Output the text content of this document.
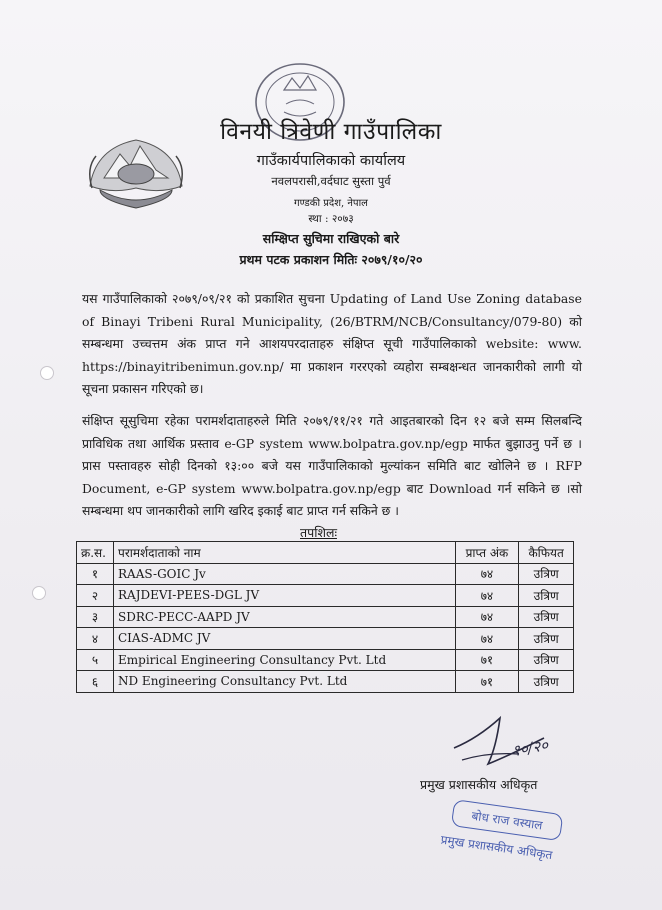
विनयी त्रिवेणी गाउँपालिका
गाउँकार्यपालिकाको कार्यालय
नवलपरासी,वर्दघाट सुस्ता पुर्व
गण्डकी प्रदेश, नेपाल
स्था : २०७३
सम्क्षिप्त सुचिमा राखिएको बारे
प्रथम पटक प्रकाशन मितिः २०७९/१०/२०

यस गाउँपालिकाको २०७९/०९/२१ को प्रकाशित सुचना Updating of Land Use Zoning database of Binayi Tribeni Rural Municipality, (26/BTRM/NCB/Consultancy/079-80) को सम्बन्धमा उच्चत्तम अंक प्राप्त गने आशयपरदाताहरु संक्षिप्त सूची गाउँपालिकाको website: www. https://binayitribenimun.gov.np/ मा प्रकाशन गररएको व्यहोरा सम्बक्षन्धत जानकारीको लागी यो सूचना प्रकासन गरिएको छ।

संक्षिप्त सूसुचिमा रहेका परामर्शदाताहरुले मिति २०७९/११/२१ गते आइतबारको दिन १२ बजे सम्म सिलबन्दि प्राविधिक तथा आर्थिक प्रस्ताव e-GP system www.bolpatra.gov.np/egp मार्फत बुझाउनु पर्ने छ । प्रास पस्तावहरु सोही दिनको १३:०० बजे यस गाउँपालिकाको मुल्यांकन समिति बाट खोलिने छ । RFP Document, e-GP system www.bolpatra.gov.np/egp बाट Download गर्न सकिने छ ।सो सम्बन्धमा थप जानकारीको लागि खरिद इकाई बाट प्राप्त गर्न सकिने छ ।

तपशिलः
क्र.स.	परामर्शदाताको नाम	प्राप्त अंक	कैफियत
१	RAAS-GOIC Jv	७४	उत्रिण
२	RAJDEVI-PEES-DGL JV	७४	उत्रिण
३	SDRC-PECC-AAPD JV	७४	उत्रिण
४	CIAS-ADMC JV	७४	उत्रिण
५	Empirical Engineering Consultancy Pvt. Ltd	७१	उत्रिण
६	ND Engineering Consultancy Pvt. Ltd	७१	उत्रिण
१०/२०
प्रमुख प्रशासकीय अधिकृत
बोध राज वस्याल
प्रमुख प्रशासकीय अधिकृत
